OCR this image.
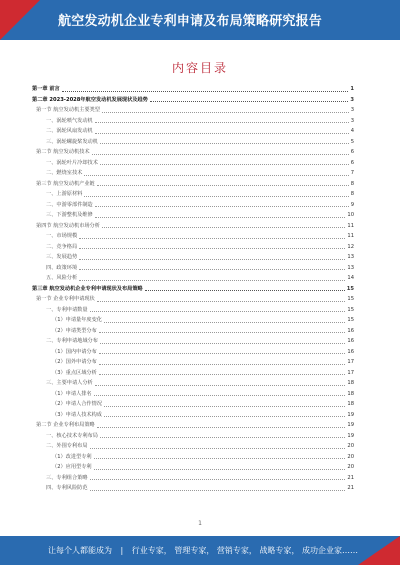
航空发动机企业专利申请及布局策略研究报告
内容目录
第一章 前言	1
第二章 2023-2028年航空发动机发展现状及趋势	3
第一节 航空发动机主要类型	3
一、涡轮喷气发动机	3
二、涡轮风扇发动机	4
三、涡轮螺旋桨发动机	5
第二节 航空发动机技术	6
一、涡轮叶片冷却技术	6
二、燃烧室技术	7
第三节 航空发动机产业链	8
一、上游原材料	8
二、中游零部件制造	9
三、下游整机及维修	10
第四节 航空发动机市场分析	11
一、市场规模	11
二、竞争格局	12
三、发展趋势	13
四、政策环境	13
五、风险分析	14
第三章 航空发动机企业专利申请现状及布局策略	15
第一节 企业专利申请现状	15
一、专利申请数量	15
（1）申请量年度变化	15
（2）申请类型分布	16
二、专利申请地域分布	16
（1）国内申请分布	16
（2）国外申请分布	17
（3）重点区域分析	17
三、主要申请人分析	18
（1）申请人排名	18
（2）申请人合作情况	18
（3）申请人技术构成	19
第二节 企业专利布局策略	19
一、核心技术专利布局	19
二、外围专利布局	20
（1）改进型专利	20
（2）应用型专利	20
三、专利组合策略	21
四、专利风险防范	21
1
让每个人都能成为 | 行业专家， 管理专家， 营销专家， 战略专家， 成功企业家……
